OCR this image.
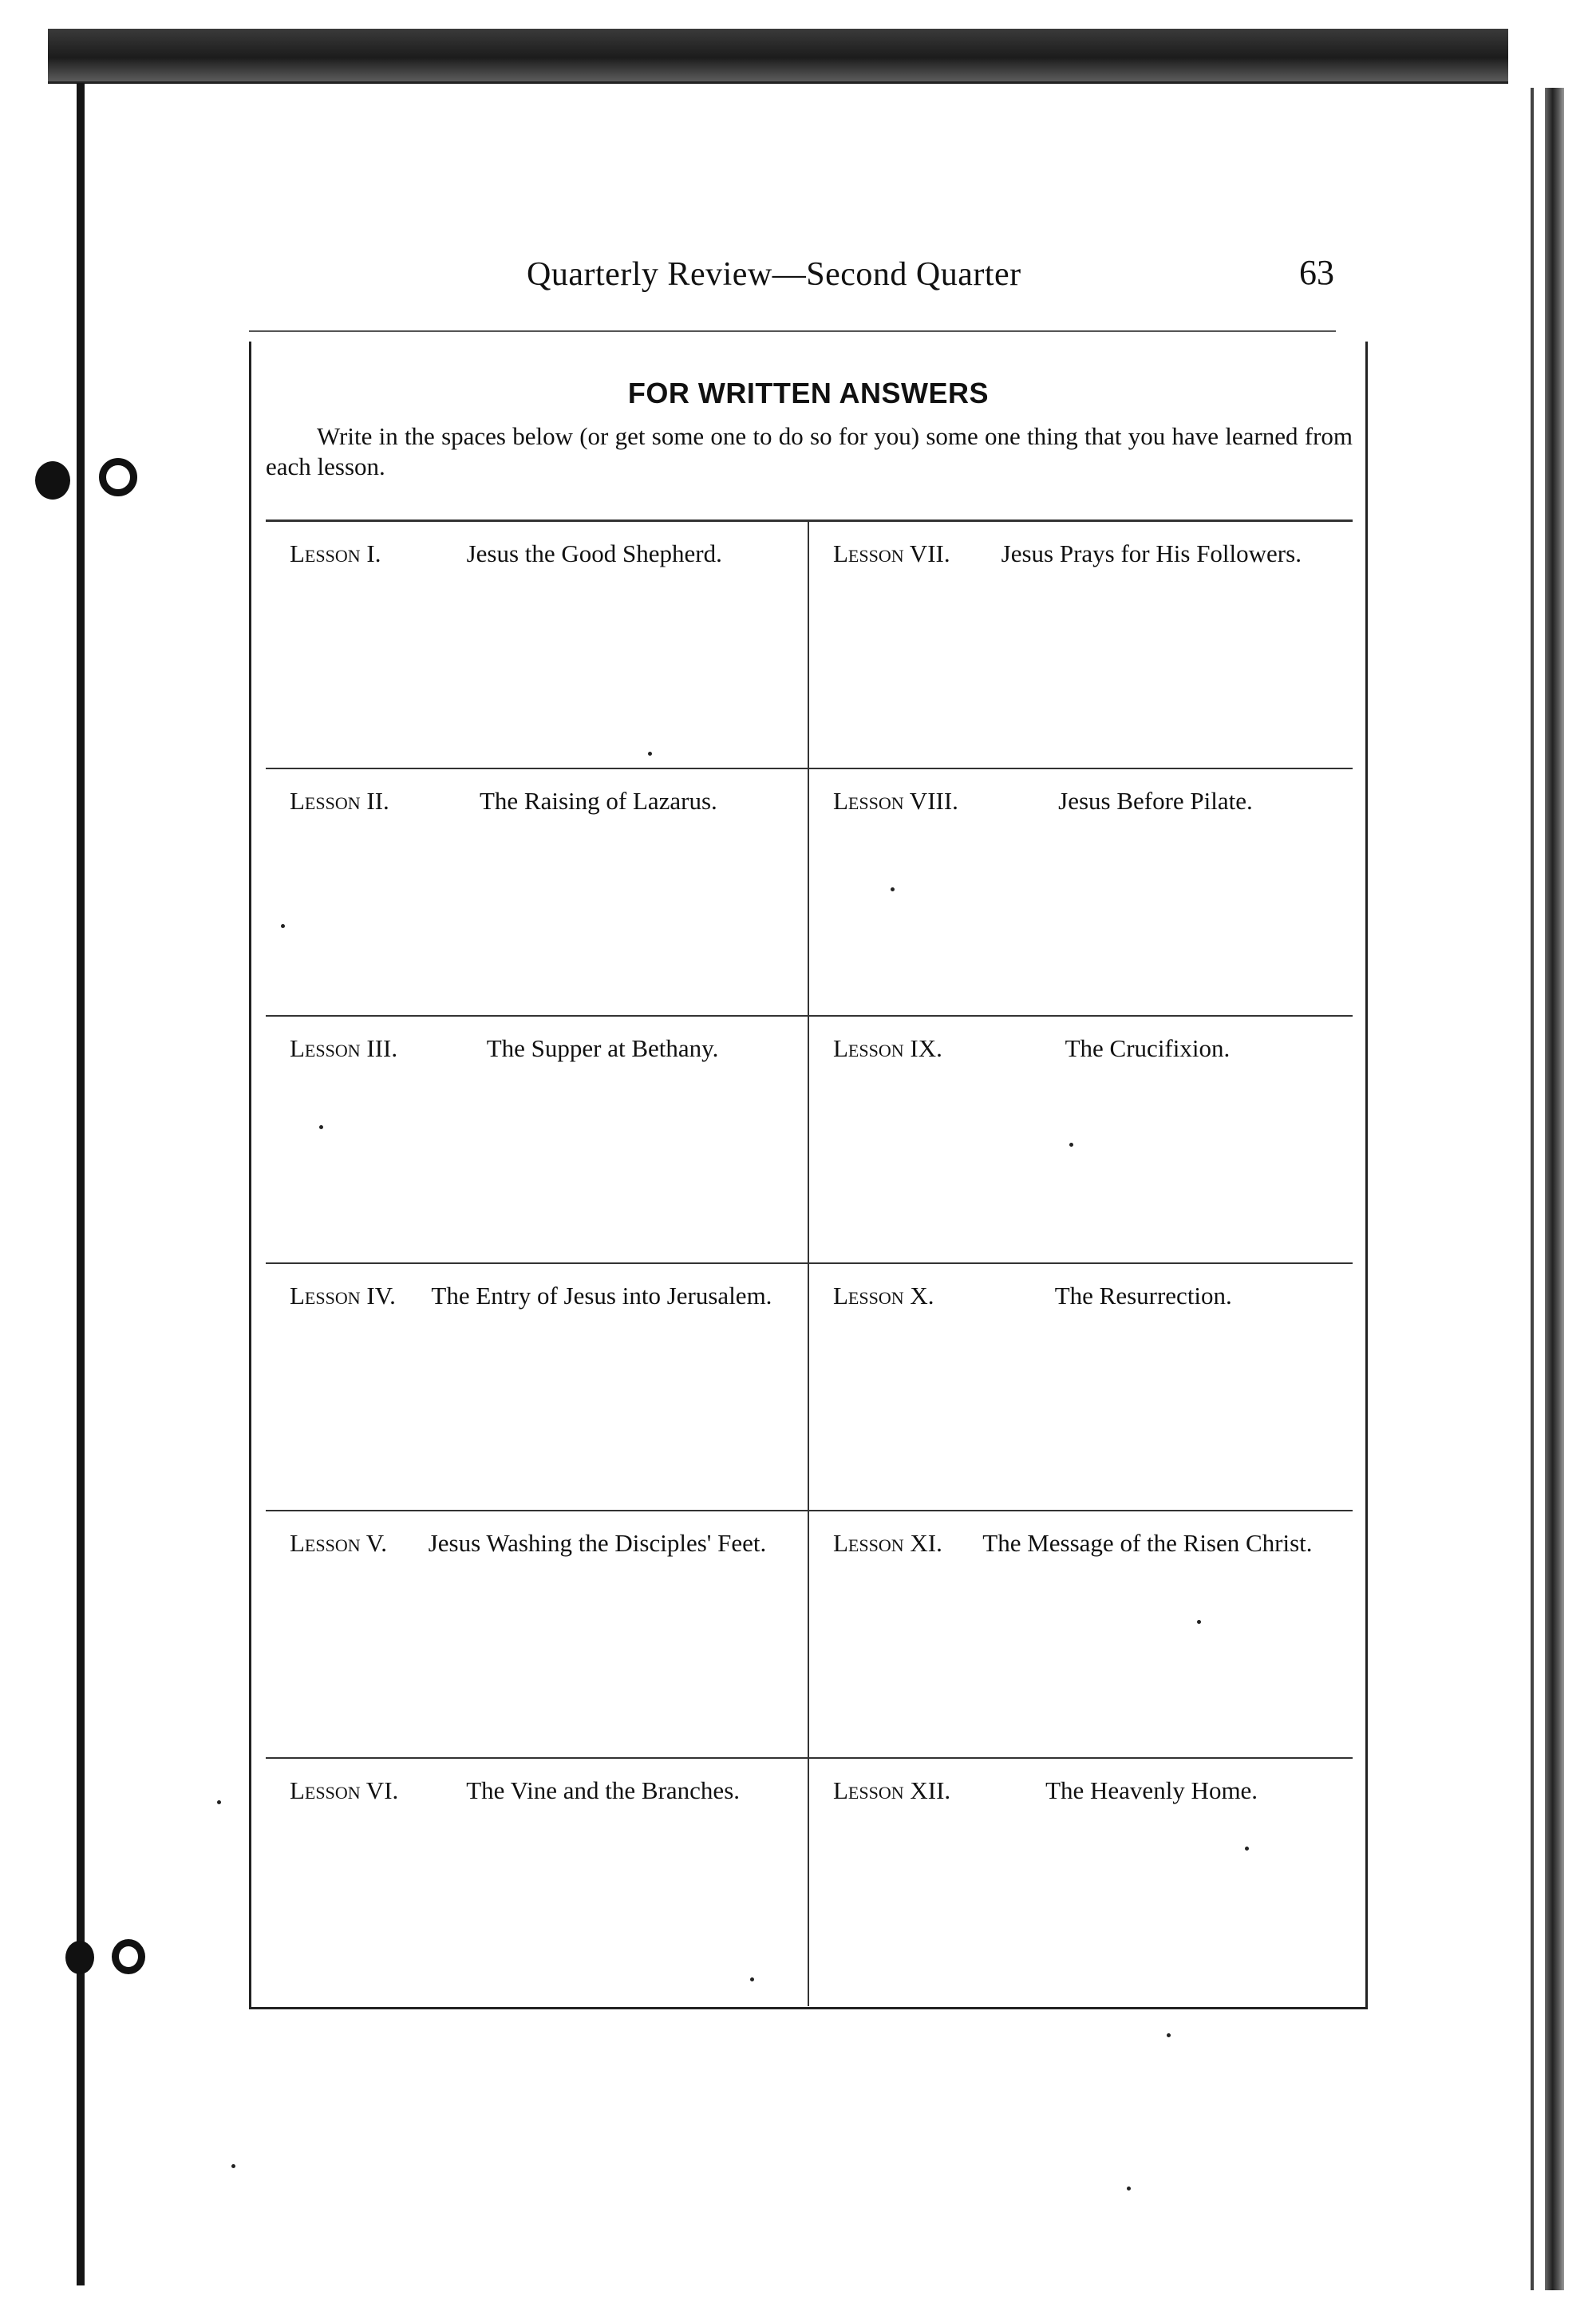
Quarterly Review—Second Quarter	63
FOR WRITTEN ANSWERS
Write in the spaces below (or get some one to do so for you) some one thing that you have learned from each lesson.
Lesson I.	Jesus the Good Shepherd.	Lesson VII.	Jesus Prays for His Followers.
Lesson II.	The Raising of Lazarus.	Lesson VIII.	Jesus Before Pilate.
Lesson III.	The Supper at Bethany.	Lesson IX.	The Crucifixion.
Lesson IV.	The Entry of Jesus into Jerusalem.	Lesson X.	The Resurrection.
Lesson V.	Jesus Washing the Disciples' Feet.	Lesson XI.	The Message of the Risen Christ.
Lesson VI.	The Vine and the Branches.	Lesson XII.	The Heavenly Home.
